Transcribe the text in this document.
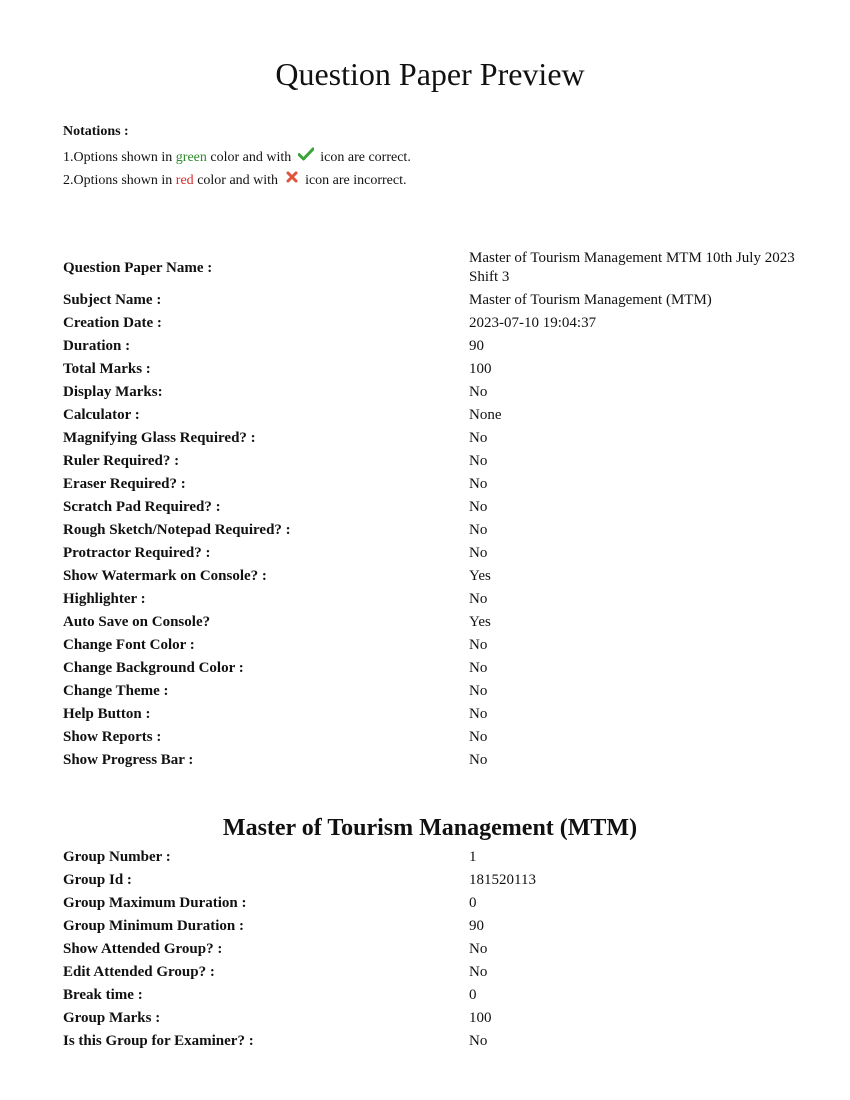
Question Paper Preview
Notations :
1.Options shown in green color and with icon are correct.
2.Options shown in red color and with icon are incorrect.
Question Paper Name :	Master of Tourism Management MTM 10th July 2023 Shift 3
Subject Name :	Master of Tourism Management (MTM)
Creation Date :	2023-07-10 19:04:37
Duration :	90
Total Marks :	100
Display Marks:	No
Calculator :	None
Magnifying Glass Required? :	No
Ruler Required? :	No
Eraser Required? :	No
Scratch Pad Required? :	No
Rough Sketch/Notepad Required? :	No
Protractor Required? :	No
Show Watermark on Console? :	Yes
Highlighter :	No
Auto Save on Console?	Yes
Change Font Color :	No
Change Background Color :	No
Change Theme :	No
Help Button :	No
Show Reports :	No
Show Progress Bar :	No
Master of Tourism Management (MTM)
Group Number :	1
Group Id :	181520113
Group Maximum Duration :	0
Group Minimum Duration :	90
Show Attended Group? :	No
Edit Attended Group? :	No
Break time :	0
Group Marks :	100
Is this Group for Examiner? :	No
